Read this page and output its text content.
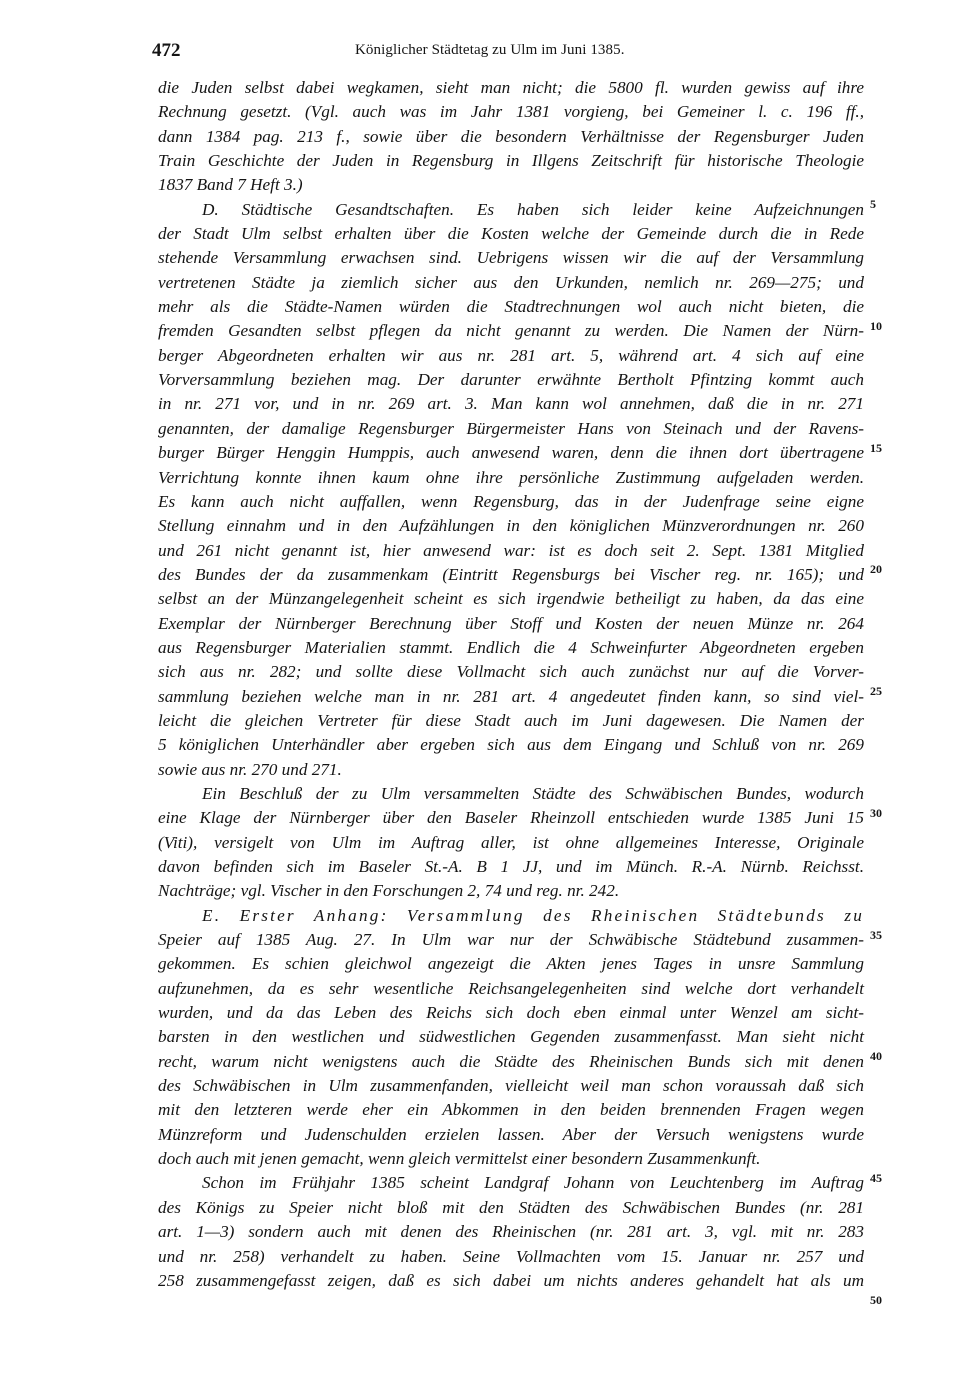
472	Königlicher Städtetag zu Ulm im Juni 1385.
die Juden selbst dabei wegkamen, sieht man nicht; die 5800 fl. wurden gewiss auf ihre
Rechnung gesetzt. (Vgl. auch was im Jahr 1381 vorgieng, bei Gemeiner l. c. 196 ff.,
dann 1384 pag. 213 f., sowie über die besondern Verhältnisse der Regensburger Juden
Train Geschichte der Juden in Regensburg in Illgens Zeitschrift für historische Theologie
1837 Band 7 Heft 3.)
D. Städtische Gesandtschaften. Es haben sich leider keine Aufzeichnungen
der Stadt Ulm selbst erhalten über die Kosten welche der Gemeinde durch die in Rede
stehende Versammlung erwachsen sind. Uebrigens wissen wir die auf der Versammlung
vertretenen Städte ja ziemlich sicher aus den Urkunden, nemlich nr. 269—275; und
mehr als die Städte-Namen würden die Stadtrechnungen wol auch nicht bieten, die
fremden Gesandten selbst pflegen da nicht genannt zu werden. Die Namen der Nürn-
berger Abgeordneten erhalten wir aus nr. 281 art. 5, während art. 4 sich auf eine
Vorversammlung beziehen mag. Der darunter erwähnte Bertholt Pfintzing kommt auch
in nr. 271 vor, und in nr. 269 art. 3. Man kann wol annehmen, daß die in nr. 271
genannten, der damalige Regensburger Bürgermeister Hans von Steinach und der Ravens-
burger Bürger Henggin Humppis, auch anwesend waren, denn die ihnen dort übertragene
Verrichtung konnte ihnen kaum ohne ihre persönliche Zustimmung aufgeladen werden.
Es kann auch nicht auffallen, wenn Regensburg, das in der Judenfrage seine eigne
Stellung einnahm und in den Aufzählungen in den königlichen Münzverordnungen nr. 260
und 261 nicht genannt ist, hier anwesend war: ist es doch seit 2. Sept. 1381 Mitglied
des Bundes der da zusammenkam (Eintritt Regensburgs bei Vischer reg. nr. 165); und
selbst an der Münzangelegenheit scheint es sich irgendwie betheiligt zu haben, da das eine
Exemplar der Nürnberger Berechnung über Stoff und Kosten der neuen Münze nr. 264
aus Regensburger Materialien stammt. Endlich die 4 Schweinfurter Abgeordneten ergeben
sich aus nr. 282; und sollte diese Vollmacht sich auch zunächst nur auf die Vorver-
sammlung beziehen welche man in nr. 281 art. 4 angedeutet finden kann, so sind viel-
leicht die gleichen Vertreter für diese Stadt auch im Juni dagewesen. Die Namen der
5 königlichen Unterhändler aber ergeben sich aus dem Eingang und Schluß von nr. 269
sowie aus nr. 270 und 271.
Ein Beschluß der zu Ulm versammelten Städte des Schwäbischen Bundes, wodurch
eine Klage der Nürnberger über den Baseler Rheinzoll entschieden wurde 1385 Juni 15
(Viti), versigelt von Ulm im Auftrag aller, ist ohne allgemeines Interesse, Originale
davon befinden sich im Baseler St.-A. B 1 JJ, und im Münch. R.-A. Nürnb. Reichsst.
Nachträge; vgl. Vischer in den Forschungen 2, 74 und reg. nr. 242.
E. Erster Anhang: Versammlung des Rheinischen Städtebunds zu
Speier auf 1385 Aug. 27. In Ulm war nur der Schwäbische Städtebund zusammen-
gekommen. Es schien gleichwol angezeigt die Akten jenes Tages in unsre Sammlung
aufzunehmen, da es sehr wesentliche Reichsangelegenheiten sind welche dort verhandelt
wurden, und da das Leben des Reichs sich doch eben einmal unter Wenzel am sicht-
barsten in den westlichen und südwestlichen Gegenden zusammenfasst. Man sieht nicht
recht, warum nicht wenigstens auch die Städte des Rheinischen Bunds sich mit denen
des Schwäbischen in Ulm zusammenfanden, vielleicht weil man schon voraussah daß sich
mit den letzteren werde eher ein Abkommen in den beiden brennenden Fragen wegen
Münzreform und Judenschulden erzielen lassen. Aber der Versuch wenigstens wurde
doch auch mit jenen gemacht, wenn gleich vermittelst einer besondern Zusammenkunft.
Schon im Frühjahr 1385 scheint Landgraf Johann von Leuchtenberg im Auftrag
des Königs zu Speier nicht bloß mit den Städten des Schwäbischen Bundes (nr. 281
art. 1—3) sondern auch mit denen des Rheinischen (nr. 281 art. 3, vgl. mit nr. 283
und nr. 258) verhandelt zu haben. Seine Vollmachten vom 15. Januar nr. 257 und
258 zusammengefasst zeigen, daß es sich dabei um nichts anderes gehandelt hat als um
5
10
15
20
25
30
35
40
45
50
